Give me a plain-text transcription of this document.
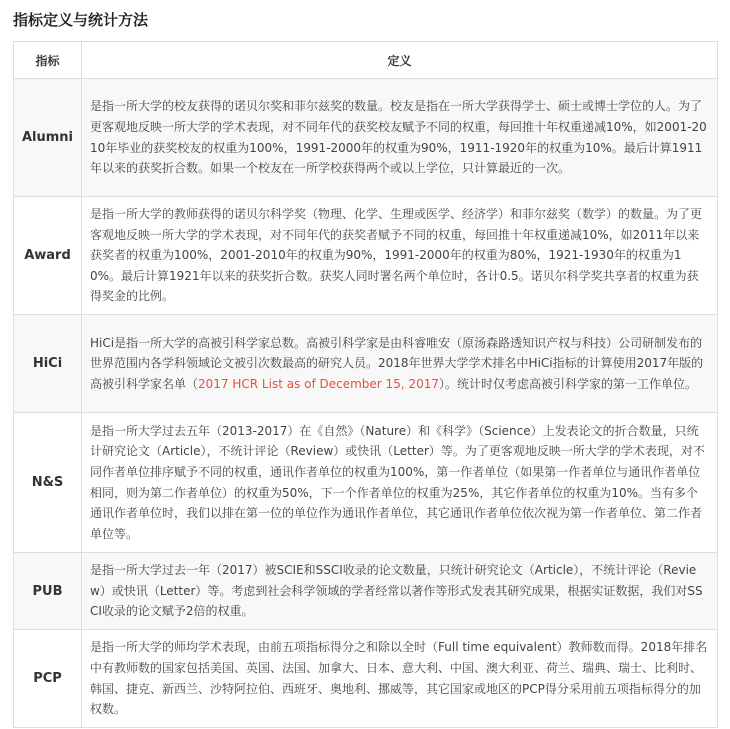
指标定义与统计方法
指标	定义
Alumni	是指一所大学的校友获得的诺贝尔奖和菲尔兹奖的数量。校友是指在一所大学获得学士、硕士或博士学位的人。为了更客观地反映一所大学的学术表现，对不同年代的获奖校友赋予不同的权重，每回推十年权重递减10%，如2001-2010年毕业的获奖校友的权重为100%，1991-2000年的权重为90%，1911-1920年的权重为10%。最后计算1911年以来的获奖折合数。如果一个校友在一所学校获得两个或以上学位，只计算最近的一次。
Award	是指一所大学的教师获得的诺贝尔科学奖（物理、化学、生理或医学、经济学）和菲尔兹奖（数学）的数量。为了更客观地反映一所大学的学术表现，对不同年代的获奖者赋予不同的权重，每回推十年权重递减10%，如2011年以来获奖者的权重为100%，2001-2010年的权重为90%，1991-2000年的权重为80%，1921-1930年的权重为10%。最后计算1921年以来的获奖折合数。获奖人同时署名两个单位时，各计0.5。诺贝尔科学奖共享者的权重为获得奖金的比例。
HiCi	HiCi是指一所大学的高被引科学家总数。高被引科学家是由科睿唯安（原汤森路透知识产权与科技）公司研制发布的世界范围内各学科领域论文被引次数最高的研究人员。2018年世界大学学术排名中HiCi指标的计算使用2017年版的高被引科学家名单（2017 HCR List as of December 15, 2017）。统计时仅考虑高被引科学家的第一工作单位。
N&S	是指一所大学过去五年（2013-2017）在《自然》（Nature）和《科学》（Science）上发表论文的折合数量，只统计研究论文（Article），不统计评论（Review）或快讯（Letter）等。为了更客观地反映一所大学的学术表现，对不同作者单位排序赋予不同的权重，通讯作者单位的权重为100%，第一作者单位（如果第一作者单位与通讯作者单位相同，则为第二作者单位）的权重为50%，下一个作者单位的权重为25%，其它作者单位的权重为10%。当有多个通讯作者单位时，我们以排在第一位的单位作为通讯作者单位，其它通讯作者单位依次视为第一作者单位、第二作者单位等。
PUB	是指一所大学过去一年（2017）被SCIE和SSCI收录的论文数量，只统计研究论文（Article），不统计评论（Review）或快讯（Letter）等。考虑到社会科学领域的学者经常以著作等形式发表其研究成果，根据实证数据，我们对SSCI收录的论文赋予2倍的权重。
PCP	是指一所大学的师均学术表现，由前五项指标得分之和除以全时（Full time equivalent）教师数而得。2018年排名中有教师数的国家包括美国、英国、法国、加拿大、日本、意大利、中国、澳大利亚、荷兰、瑞典、瑞士、比利时、韩国、捷克、新西兰、沙特阿拉伯、西班牙、奥地利、挪威等，其它国家或地区的PCP得分采用前五项指标得分的加权数。
